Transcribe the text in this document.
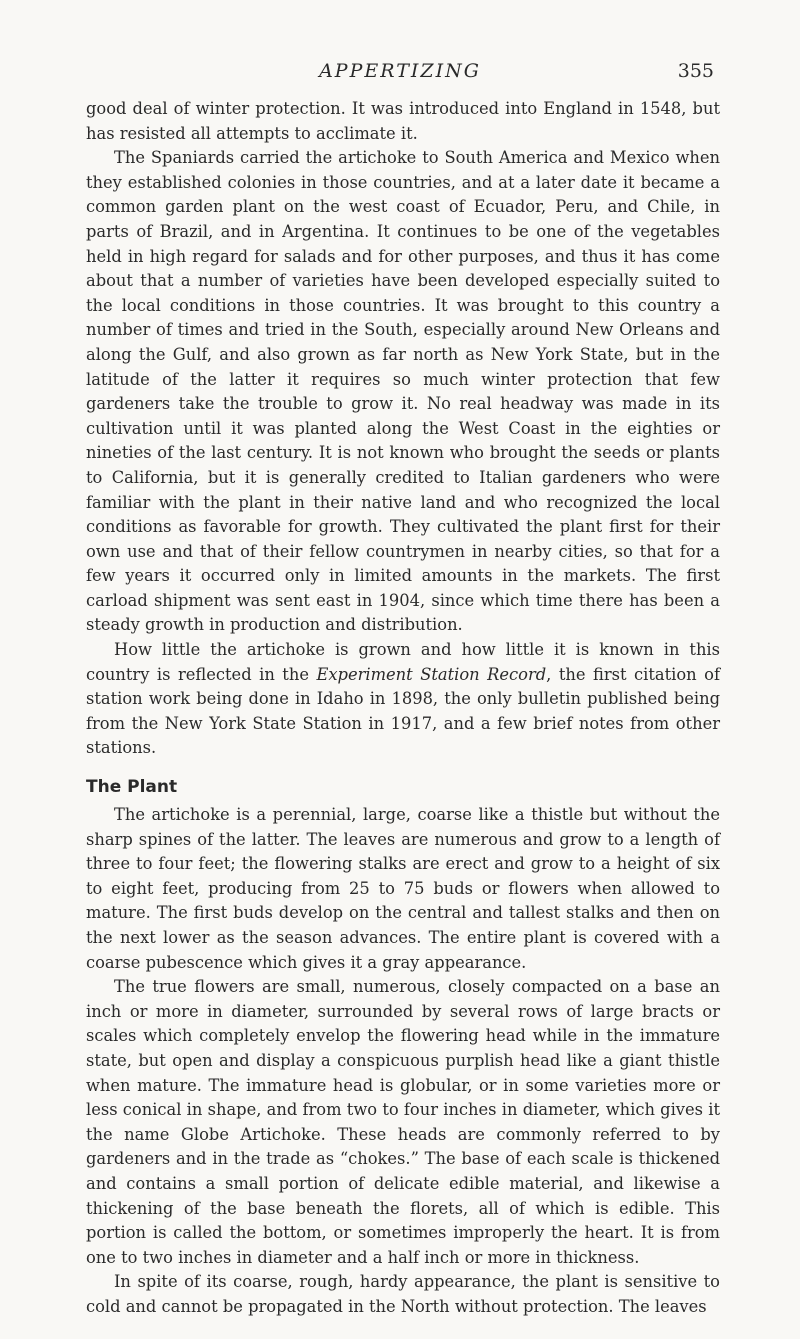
APPERTIZING	355

good deal of winter protection. It was introduced into England in 1548, but has resisted all attempts to acclimate it.

The Spaniards carried the artichoke to South America and Mexico when they established colonies in those countries, and at a later date it became a common garden plant on the west coast of Ecuador, Peru, and Chile, in parts of Brazil, and in Argentina. It continues to be one of the vegetables held in high regard for salads and for other purposes, and thus it has come about that a number of varieties have been developed especially suited to the local conditions in those countries. It was brought to this country a number of times and tried in the South, especially around New Orleans and along the Gulf, and also grown as far north as New York State, but in the latitude of the latter it requires so much winter protection that few gardeners take the trouble to grow it. No real headway was made in its cultivation until it was planted along the West Coast in the eighties or nineties of the last century. It is not known who brought the seeds or plants to California, but it is generally credited to Italian gardeners who were familiar with the plant in their native land and who recognized the local conditions as favorable for growth. They cultivated the plant first for their own use and that of their fellow countrymen in nearby cities, so that for a few years it occurred only in limited amounts in the markets. The first carload shipment was sent east in 1904, since which time there has been a steady growth in production and distribution.

How little the artichoke is grown and how little it is known in this country is reflected in the Experiment Station Record, the first citation of station work being done in Idaho in 1898, the only bulletin published being from the New York State Station in 1917, and a few brief notes from other stations.

The Plant

The artichoke is a perennial, large, coarse like a thistle but without the sharp spines of the latter. The leaves are numerous and grow to a length of three to four feet; the flowering stalks are erect and grow to a height of six to eight feet, producing from 25 to 75 buds or flowers when allowed to mature. The first buds develop on the central and tallest stalks and then on the next lower as the season advances. The entire plant is covered with a coarse pubescence which gives it a gray appearance.

The true flowers are small, numerous, closely compacted on a base an inch or more in diameter, surrounded by several rows of large bracts or scales which completely envelop the flowering head while in the immature state, but open and display a conspicuous purplish head like a giant thistle when mature. The immature head is globular, or in some varieties more or less conical in shape, and from two to four inches in diameter, which gives it the name Globe Artichoke. These heads are commonly referred to by gardeners and in the trade as “chokes.” The base of each scale is thickened and contains a small portion of delicate edible material, and likewise a thickening of the base beneath the florets, all of which is edible. This portion is called the bottom, or sometimes improperly the heart. It is from one to two inches in diameter and a half inch or more in thickness.

In spite of its coarse, rough, hardy appearance, the plant is sensitive to cold and cannot be propagated in the North without protection. The leaves
